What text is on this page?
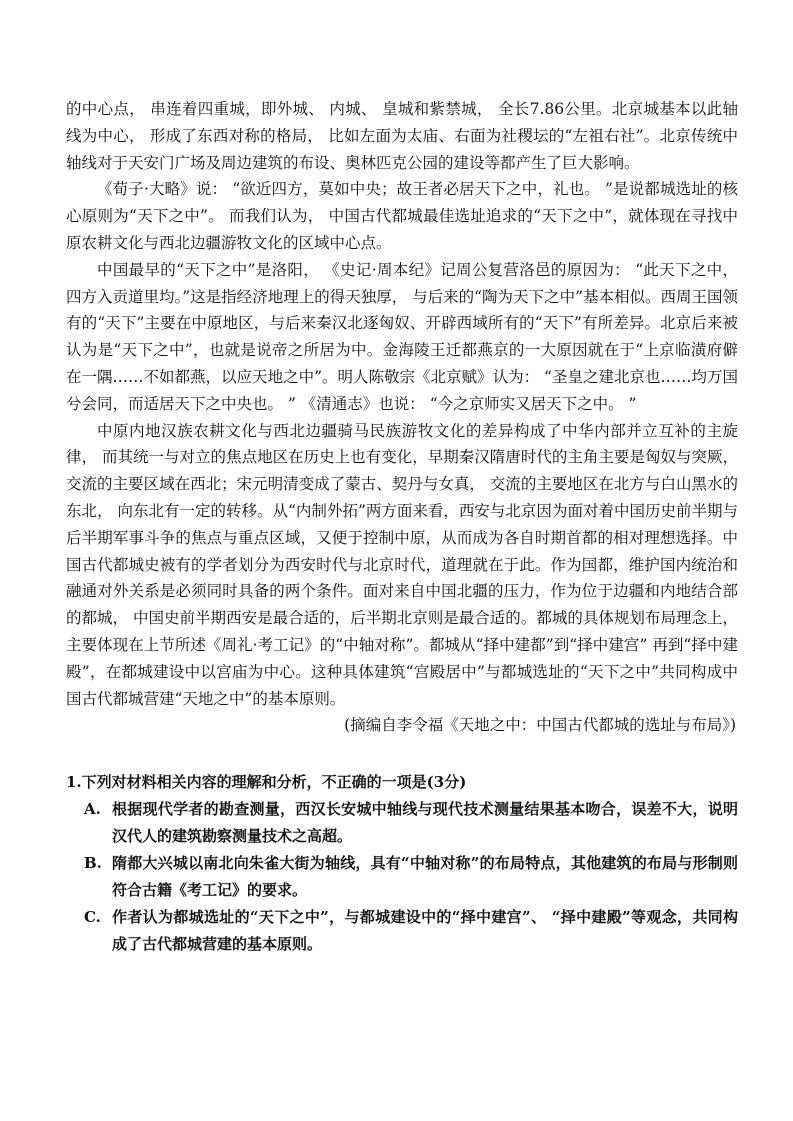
的中心点， 串连着四重城，即外城、 内城、 皇城和紫禁城， 全长7.86公里。北京城基本以此轴线为中心， 形成了东西对称的格局， 比如左面为太庙、右面为社稷坛的“左祖右社”。北京传统中轴线对于天安门广场及周边建筑的布设、奥林匹克公园的建设等都产生了巨大影响。

《荀子·大略》说： “欲近四方，莫如中央；故王者必居天下之中，礼也。 ”是说都城选址的核心原则为“天下之中”。 而我们认为， 中国古代都城最佳选址追求的“天下之中”，就体现在寻找中原农耕文化与西北边疆游牧文化的区域中心点。

中国最早的“天下之中”是洛阳， 《史记·周本纪》记周公复营洛邑的原因为： “此天下之中，四方入贡道里均。”这是指经济地理上的得天独厚， 与后来的“陶为天下之中”基本相似。西周王国领有的“天下”主要在中原地区，与后来秦汉北逐匈奴、开辟西域所有的“天下”有所差异。北京后来被认为是“天下之中”，也就是说帝之所居为中。金海陵王迁都燕京的一大原因就在于“上京临潢府僻在一隅……不如都燕，以应天地之中”。明人陈敬宗《北京赋》认为： “圣皇之建北京也……均万国兮会同，而适居天下之中央也。 ” 《清通志》也说： “今之京师实又居天下之中。 ”

中原内地汉族农耕文化与西北边疆骑马民族游牧文化的差异构成了中华内部并立互补的主旋律， 而其统一与对立的焦点地区在历史上也有变化，早期秦汉隋唐时代的主角主要是匈奴与突厥， 交流的主要区域在西北；宋元明清变成了蒙古、契丹与女真， 交流的主要地区在北方与白山黑水的东北， 向东北有一定的转移。从“内制外拓”两方面来看，西安与北京因为面对着中国历史前半期与后半期军事斗争的焦点与重点区域，又便于控制中原，从而成为各自时期首都的相对理想选择。中国古代都城史被有的学者划分为西安时代与北京时代，道理就在于此。作为国都，维护国内统治和融通对外关系是必须同时具备的两个条件。面对来自中国北疆的压力，作为位于边疆和内地结合部的都城， 中国史前半期西安是最合适的，后半期北京则是最合适的。都城的具体规划布局理念上，主要体现在上节所述《周礼·考工记》的“中轴对称”。都城从“择中建都”到“择中建宫” 再到“择中建殿”，在都城建设中以宫庙为中心。这种具体建筑“宫殿居中”与都城选址的“天下之中”共同构成中国古代都城营建“天地之中”的基本原则。

(摘编自李令福《天地之中：中国古代都城的选址与布局》)

1.下列对材料相关内容的理解和分析，不正确的一项是(3分)

A. 根据现代学者的勘查测量，西汉长安城中轴线与现代技术测量结果基本吻合，误差不大，说明汉代人的建筑勘察测量技术之高超。
B. 隋都大兴城以南北向朱雀大街为轴线，具有“中轴对称”的布局特点，其他建筑的布局与形制则符合古籍《考工记》的要求。
C. 作者认为都城选址的“天下之中”，与都城建设中的“择中建宫”、 “择中建殿”等观念，共同构成了古代都城营建的基本原则。
